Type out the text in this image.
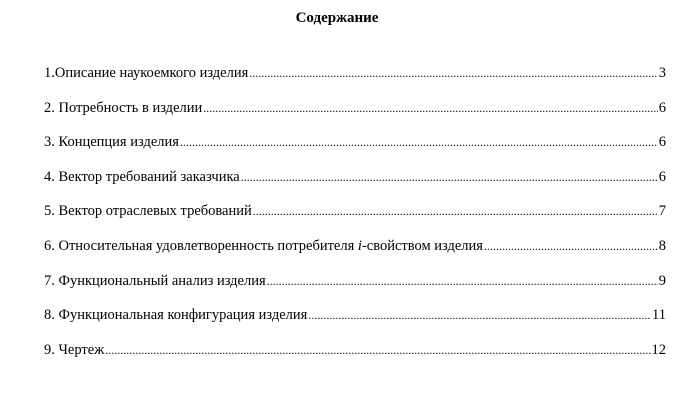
Содержание
1.Описание наукоемкого изделия .....	3
2. Потребность в изделии .....	6
3. Концепция изделия .....	6
4. Вектор требований заказчика .....	6
5. Вектор отраслевых требований .....	7
6. Относительная удовлетворенность потребителя i-свойством изделия .....	8
7. Функциональный анализ изделия .....	9
8. Функциональная конфигурация изделия .....	11
9. Чертеж .....	12
